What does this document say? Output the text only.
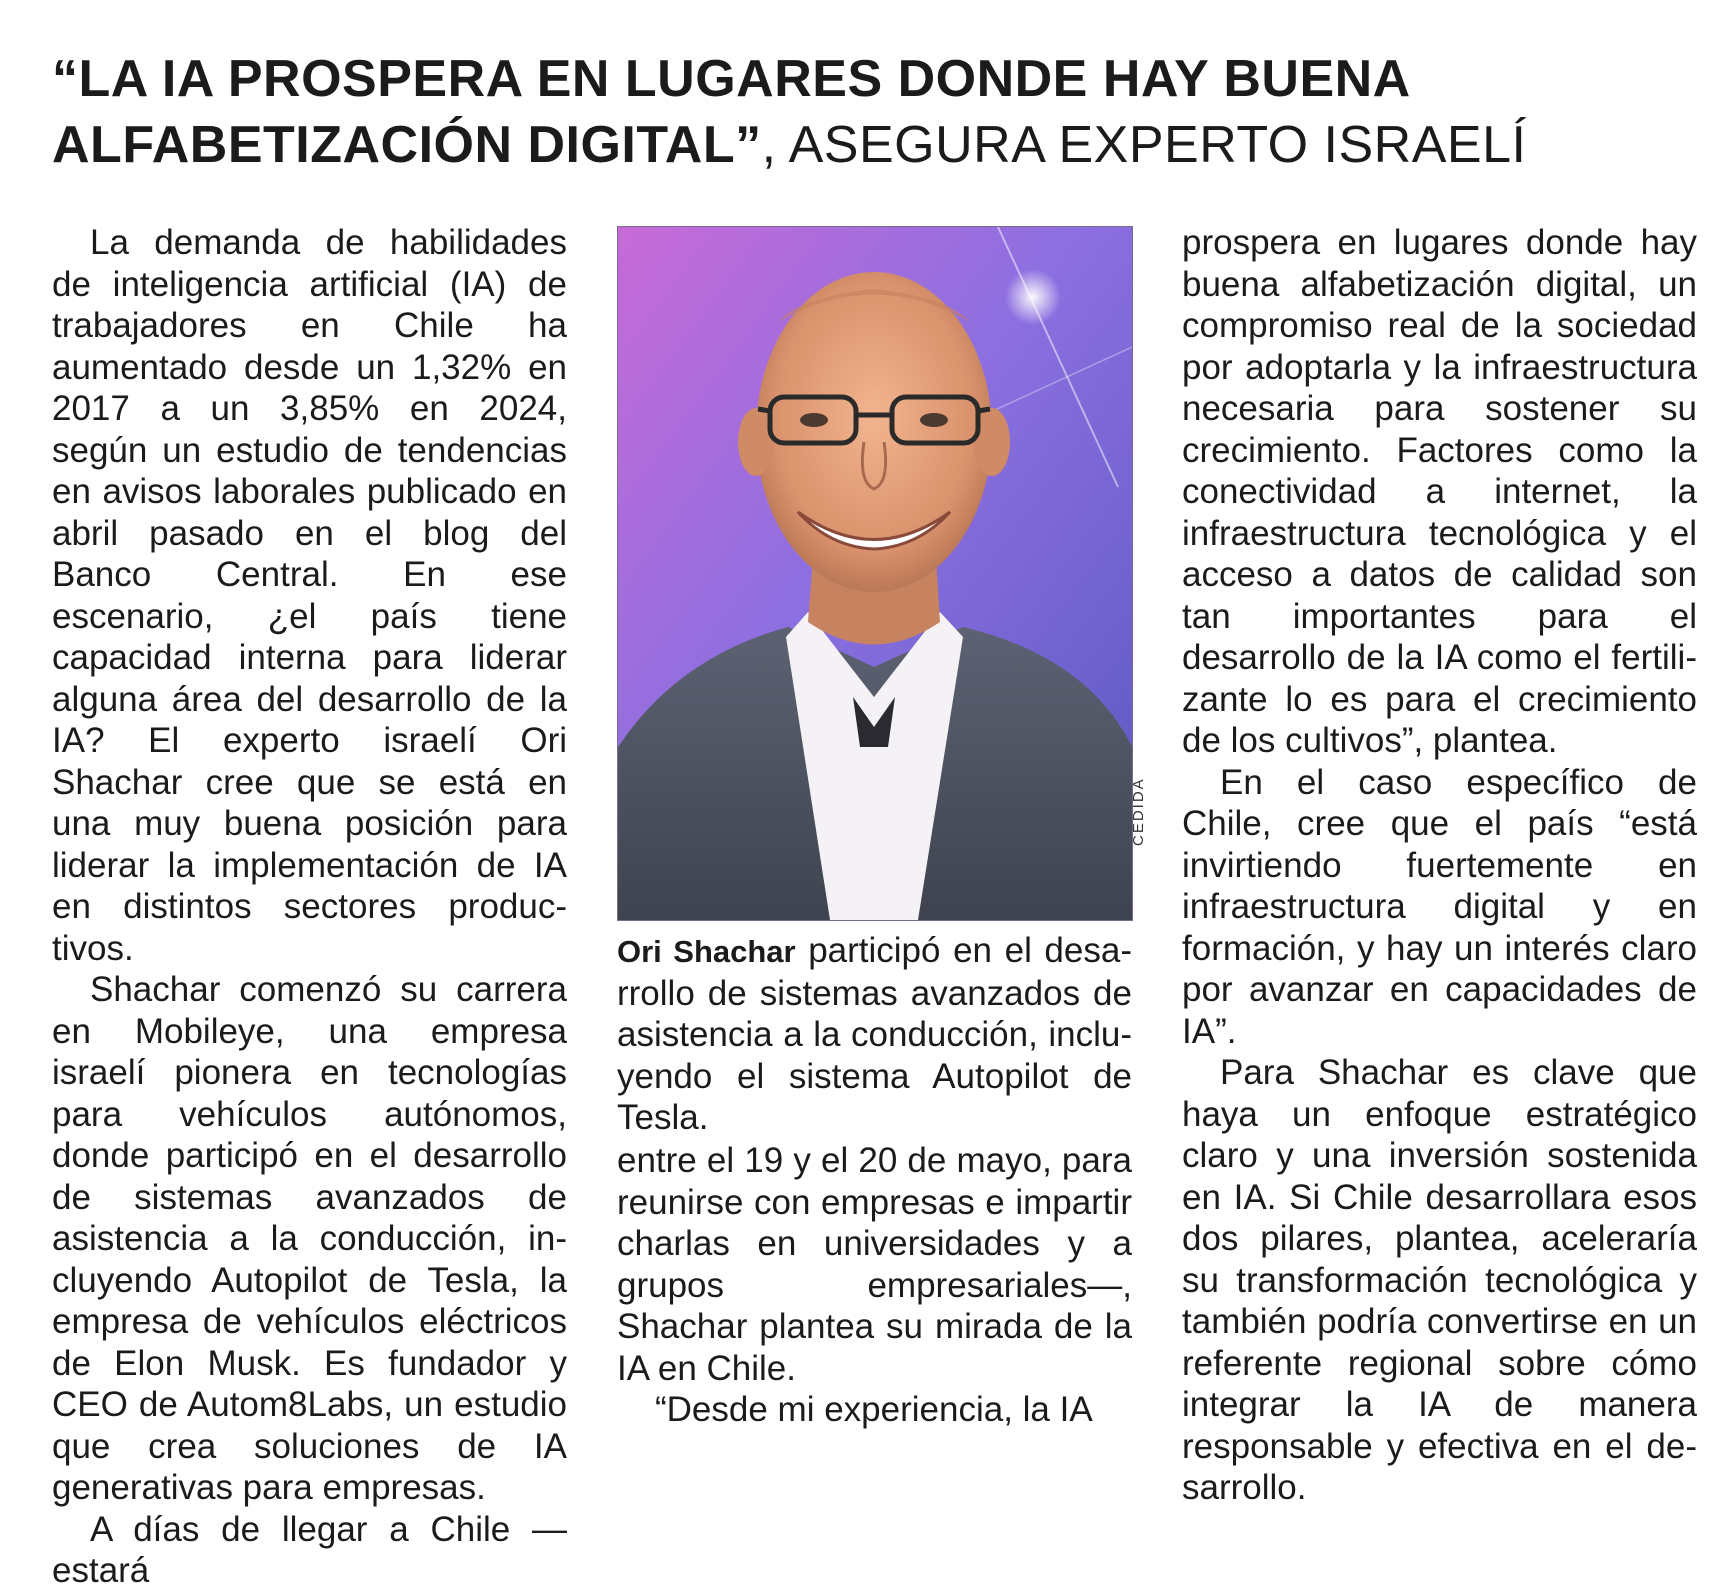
“LA IA PROSPERA EN LUGARES DONDE HAY BUENA ALFABETIZACIÓN DIGITAL”, ASEGURA EXPERTO ISRAELÍ

La demanda de habilidades de inteligencia artificial (IA) de trabajadores en Chile ha aumentado desde un 1,32% en 2017 a un 3,85% en 2024, según un estudio de tendencias en avisos laborales publicado en abril pasado en el blog del Banco Central. En ese escenario, ¿el país tiene capacidad interna para liderar alguna área del desarrollo de la IA? El experto israelí Ori Shachar cree que se está en una muy buena posición para liderar la implementación de IA en distintos sectores productivos.

Shachar comenzó su carrera en Mobileye, una empresa israelí pionera en tecnologías para vehículos autónomos, donde participó en el desarrollo de sistemas avanzados de asistencia a la conducción, incluyendo Autopilot de Tesla, la empresa de vehículos eléctricos de Elon Musk. Es fundador y CEO de Autom8Labs, un estudio que crea soluciones de IA generativas para empresas.

A días de llegar a Chile —estará

CEDIDA
Ori Shachar participó en el desarrollo de sistemas avanzados de asistencia a la conducción, incluyendo el sistema Autopilot de Tesla.

entre el 19 y el 20 de mayo, para reunirse con empresas e impartir charlas en universidades y a grupos empresariales—, Shachar plantea su mirada de la IA en Chile.

“Desde mi experiencia, la IA

prospera en lugares donde hay buena alfabetización digital, un compromiso real de la sociedad por adoptarla y la infraestructura necesaria para sostener su crecimiento. Factores como la conectividad a internet, la infraestructura tecnológica y el acceso a datos de calidad son tan importantes para el desarrollo de la IA como el fertilizante lo es para el crecimiento de los cultivos”, plantea.

En el caso específico de Chile, cree que el país “está invirtiendo fuertemente en infraestructura digital y en formación, y hay un interés claro por avanzar en capacidades de IA”.

Para Shachar es clave que haya un enfoque estratégico claro y una inversión sostenida en IA. Si Chile desarrollara esos dos pilares, plantea, aceleraría su transformación tecnológica y también podría convertirse en un referente regional sobre cómo integrar la IA de manera responsable y efectiva en el desarrollo.
